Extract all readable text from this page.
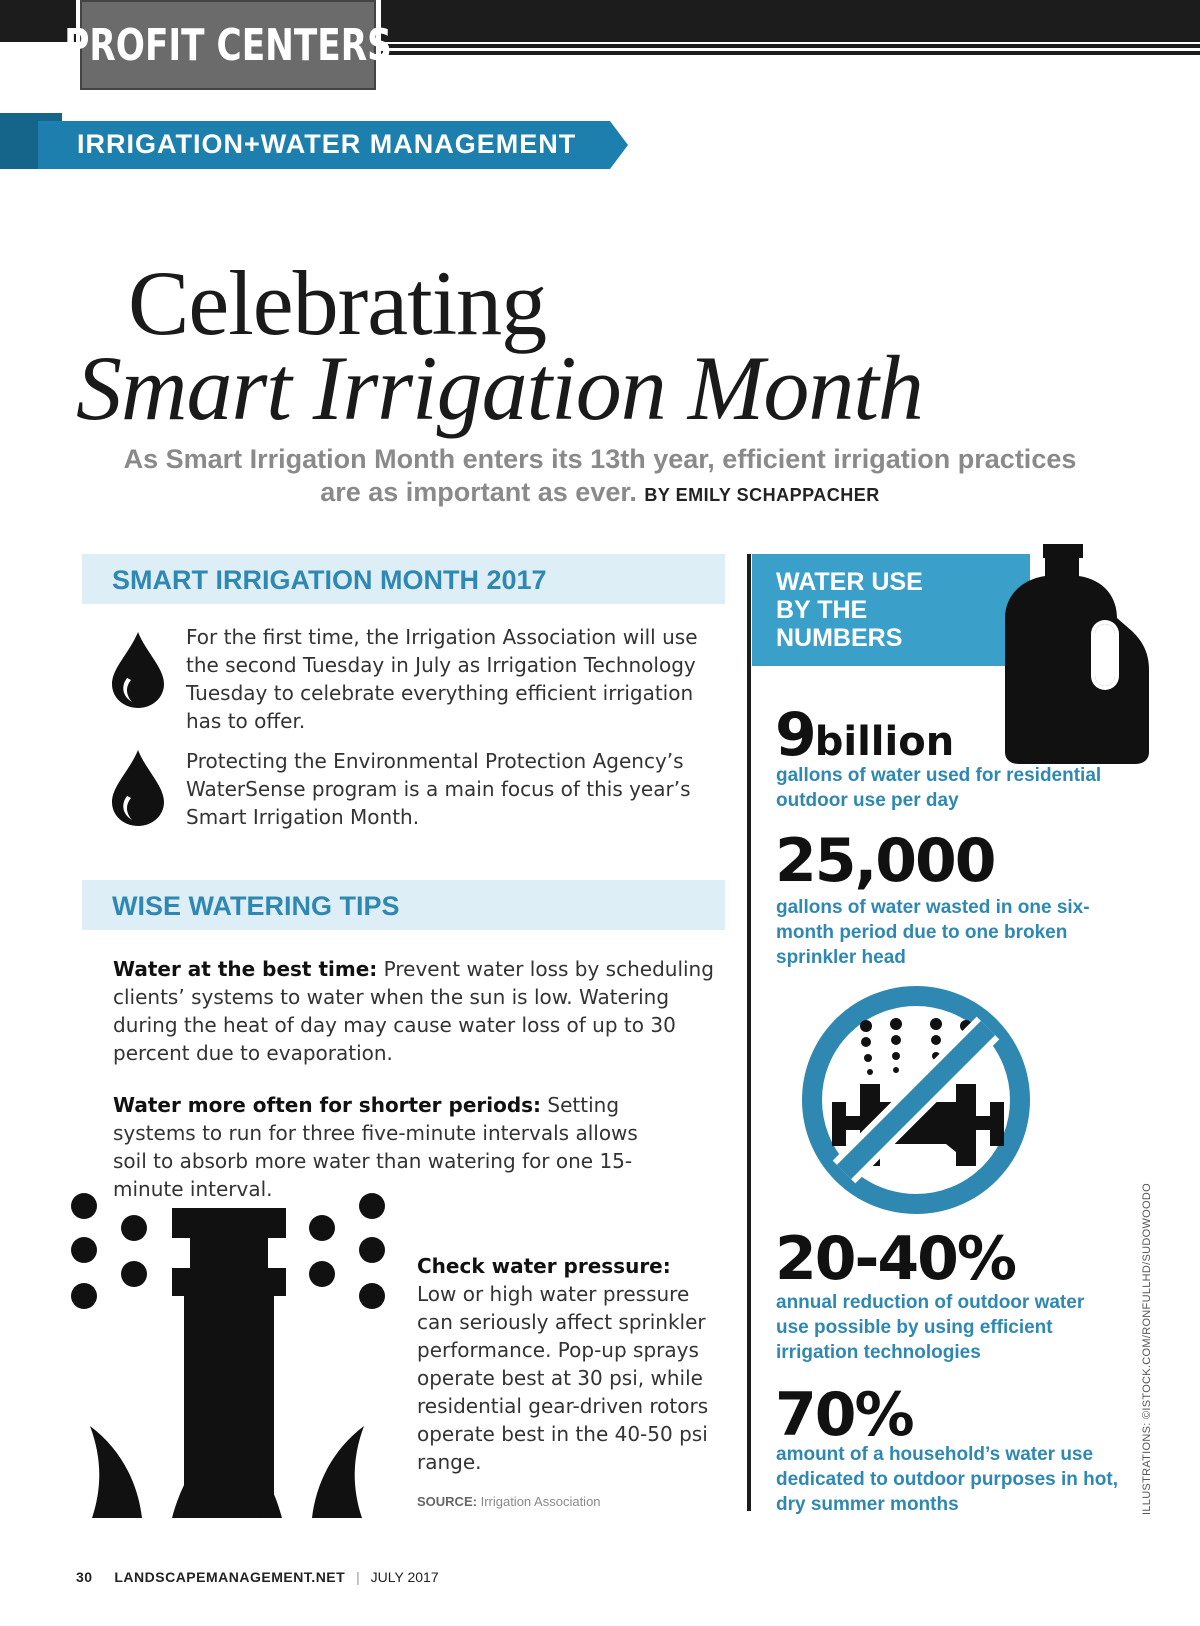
PROFIT CENTERS
IRRIGATION+WATER MANAGEMENT
Celebrating
Smart Irrigation Month
As Smart Irrigation Month enters its 13th year, efficient irrigation practices are as important as ever. BY EMILY SCHAPPACHER
SMART IRRIGATION MONTH 2017
For the first time, the Irrigation Association will use the second Tuesday in July as Irrigation Technology Tuesday to celebrate everything efficient irrigation has to offer.
Protecting the Environmental Protection Agency’s WaterSense program is a main focus of this year’s Smart Irrigation Month.
WISE WATERING TIPS
Water at the best time: Prevent water loss by scheduling clients’ systems to water when the sun is low. Watering during the heat of day may cause water loss of up to 30 percent due to evaporation.
Water more often for shorter periods: Setting systems to run for three five-minute intervals allows soil to absorb more water than watering for one 15-minute interval.
Check water pressure:
Low or high water pressure can seriously affect sprinkler performance. Pop-up sprays operate best at 30 psi, while residential gear-driven rotors operate best in the 40-50 psi range.
SOURCE: Irrigation Association
WATER USE BY THE NUMBERS
9billion
gallons of water used for residential outdoor use per day
25,000
gallons of water wasted in one six-month period due to one broken sprinkler head
20-40%
annual reduction of outdoor water use possible by using efficient irrigation technologies
70%
amount of a household’s water use dedicated to outdoor purposes in hot, dry summer months	ILLUSTRATIONS: ©ISTOCK.COM/RONFULLHD/SUDOWOODO
30 LANDSCAPEMANAGEMENT.NET | JULY 2017
